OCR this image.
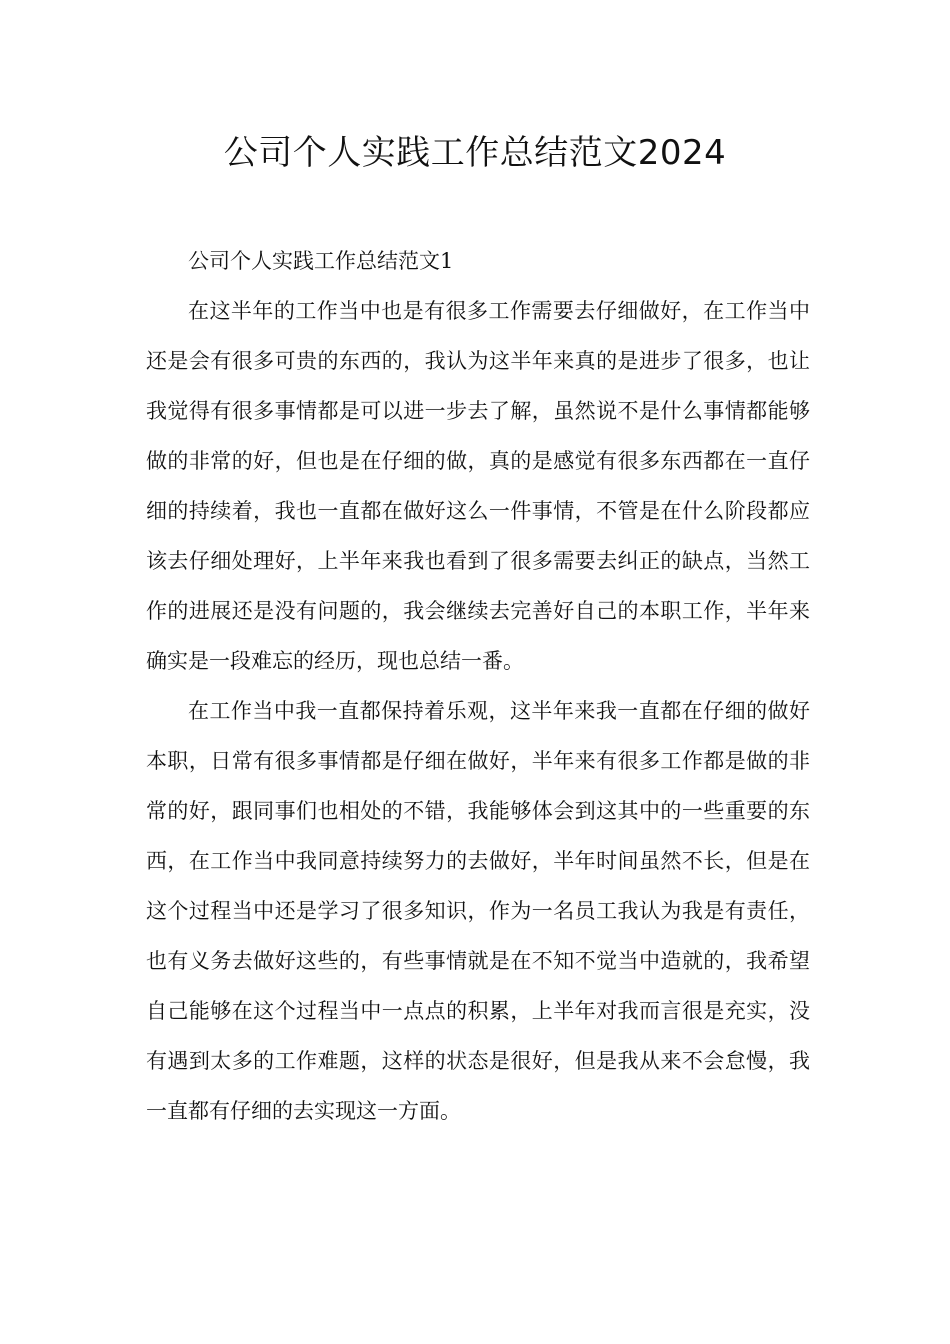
公司个人实践工作总结范文2024

公司个人实践工作总结范文1

在这半年的工作当中也是有很多工作需要去仔细做好，在工作当中还是会有很多可贵的东西的，我认为这半年来真的是进步了很多，也让我觉得有很多事情都是可以进一步去了解，虽然说不是什么事情都能够做的非常的好，但也是在仔细的做，真的是感觉有很多东西都在一直仔细的持续着，我也一直都在做好这么一件事情，不管是在什么阶段都应该去仔细处理好，上半年来我也看到了很多需要去纠正的缺点，当然工作的进展还是没有问题的，我会继续去完善好自己的本职工作，半年来确实是一段难忘的经历，现也总结一番。

在工作当中我一直都保持着乐观，这半年来我一直都在仔细的做好本职，日常有很多事情都是仔细在做好，半年来有很多工作都是做的非常的好，跟同事们也相处的不错，我能够体会到这其中的一些重要的东西，在工作当中我同意持续努力的去做好，半年时间虽然不长，但是在这个过程当中还是学习了很多知识，作为一名员工我认为我是有责任，也有义务去做好这些的，有些事情就是在不知不觉当中造就的，我希望自己能够在这个过程当中一点点的积累，上半年对我而言很是充实，没有遇到太多的工作难题，这样的状态是很好，但是我从来不会怠慢，我一直都有仔细的去实现这一方面。
